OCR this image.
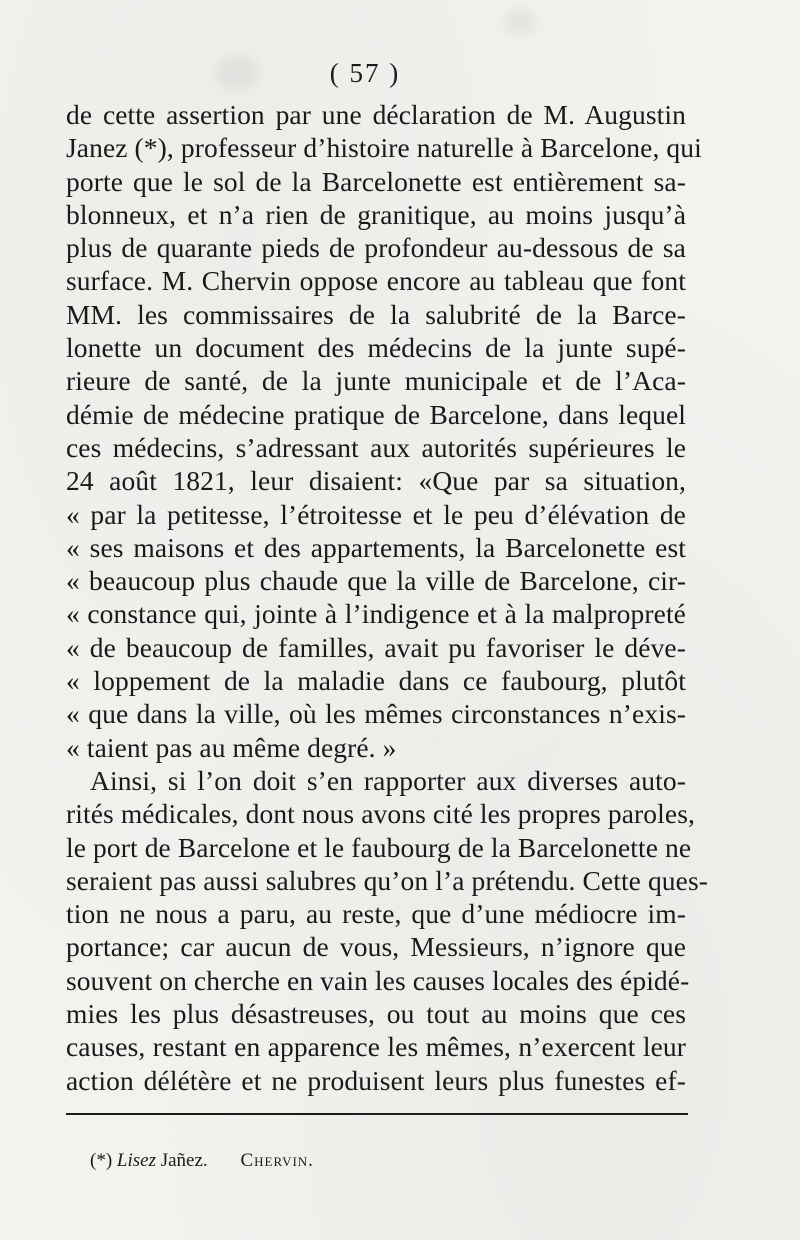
( 57 )
de cette assertion par une déclaration de M. Augustin
Janez (*), professeur d’histoire naturelle à Barcelone, qui
porte que le sol de la Barcelonette est entièrement sa-
blonneux, et n’a rien de granitique, au moins jusqu’à
plus de quarante pieds de profondeur au-dessous de sa
surface. M. Chervin oppose encore au tableau que font
MM. les commissaires de la salubrité de la Barce-
lonette un document des médecins de la junte supé-
rieure de santé, de la junte municipale et de l’Aca-
démie de médecine pratique de Barcelone, dans lequel
ces médecins, s’adressant aux autorités supérieures le
24 août 1821, leur disaient: «Que par sa situation,
« par la petitesse, l’étroitesse et le peu d’élévation de
« ses maisons et des appartements, la Barcelonette est
« beaucoup plus chaude que la ville de Barcelone, cir-
« constance qui, jointe à l’indigence et à la malpropreté
« de beaucoup de familles, avait pu favoriser le déve-
« loppement de la maladie dans ce faubourg, plutôt
« que dans la ville, où les mêmes circonstances n’exis-
« taient pas au même degré. »
Ainsi, si l’on doit s’en rapporter aux diverses auto-
rités médicales, dont nous avons cité les propres paroles,
le port de Barcelone et le faubourg de la Barcelonette ne
seraient pas aussi salubres qu’on l’a prétendu. Cette ques-
tion ne nous a paru, au reste, que d’une médiocre im-
portance; car aucun de vous, Messieurs, n’ignore que
souvent on cherche en vain les causes locales des épidé-
mies les plus désastreuses, ou tout au moins que ces
causes, restant en apparence les mêmes, n’exercent leur
action délétère et ne produisent leurs plus funestes ef-
(*) Lisez Jañez. Chervin.
